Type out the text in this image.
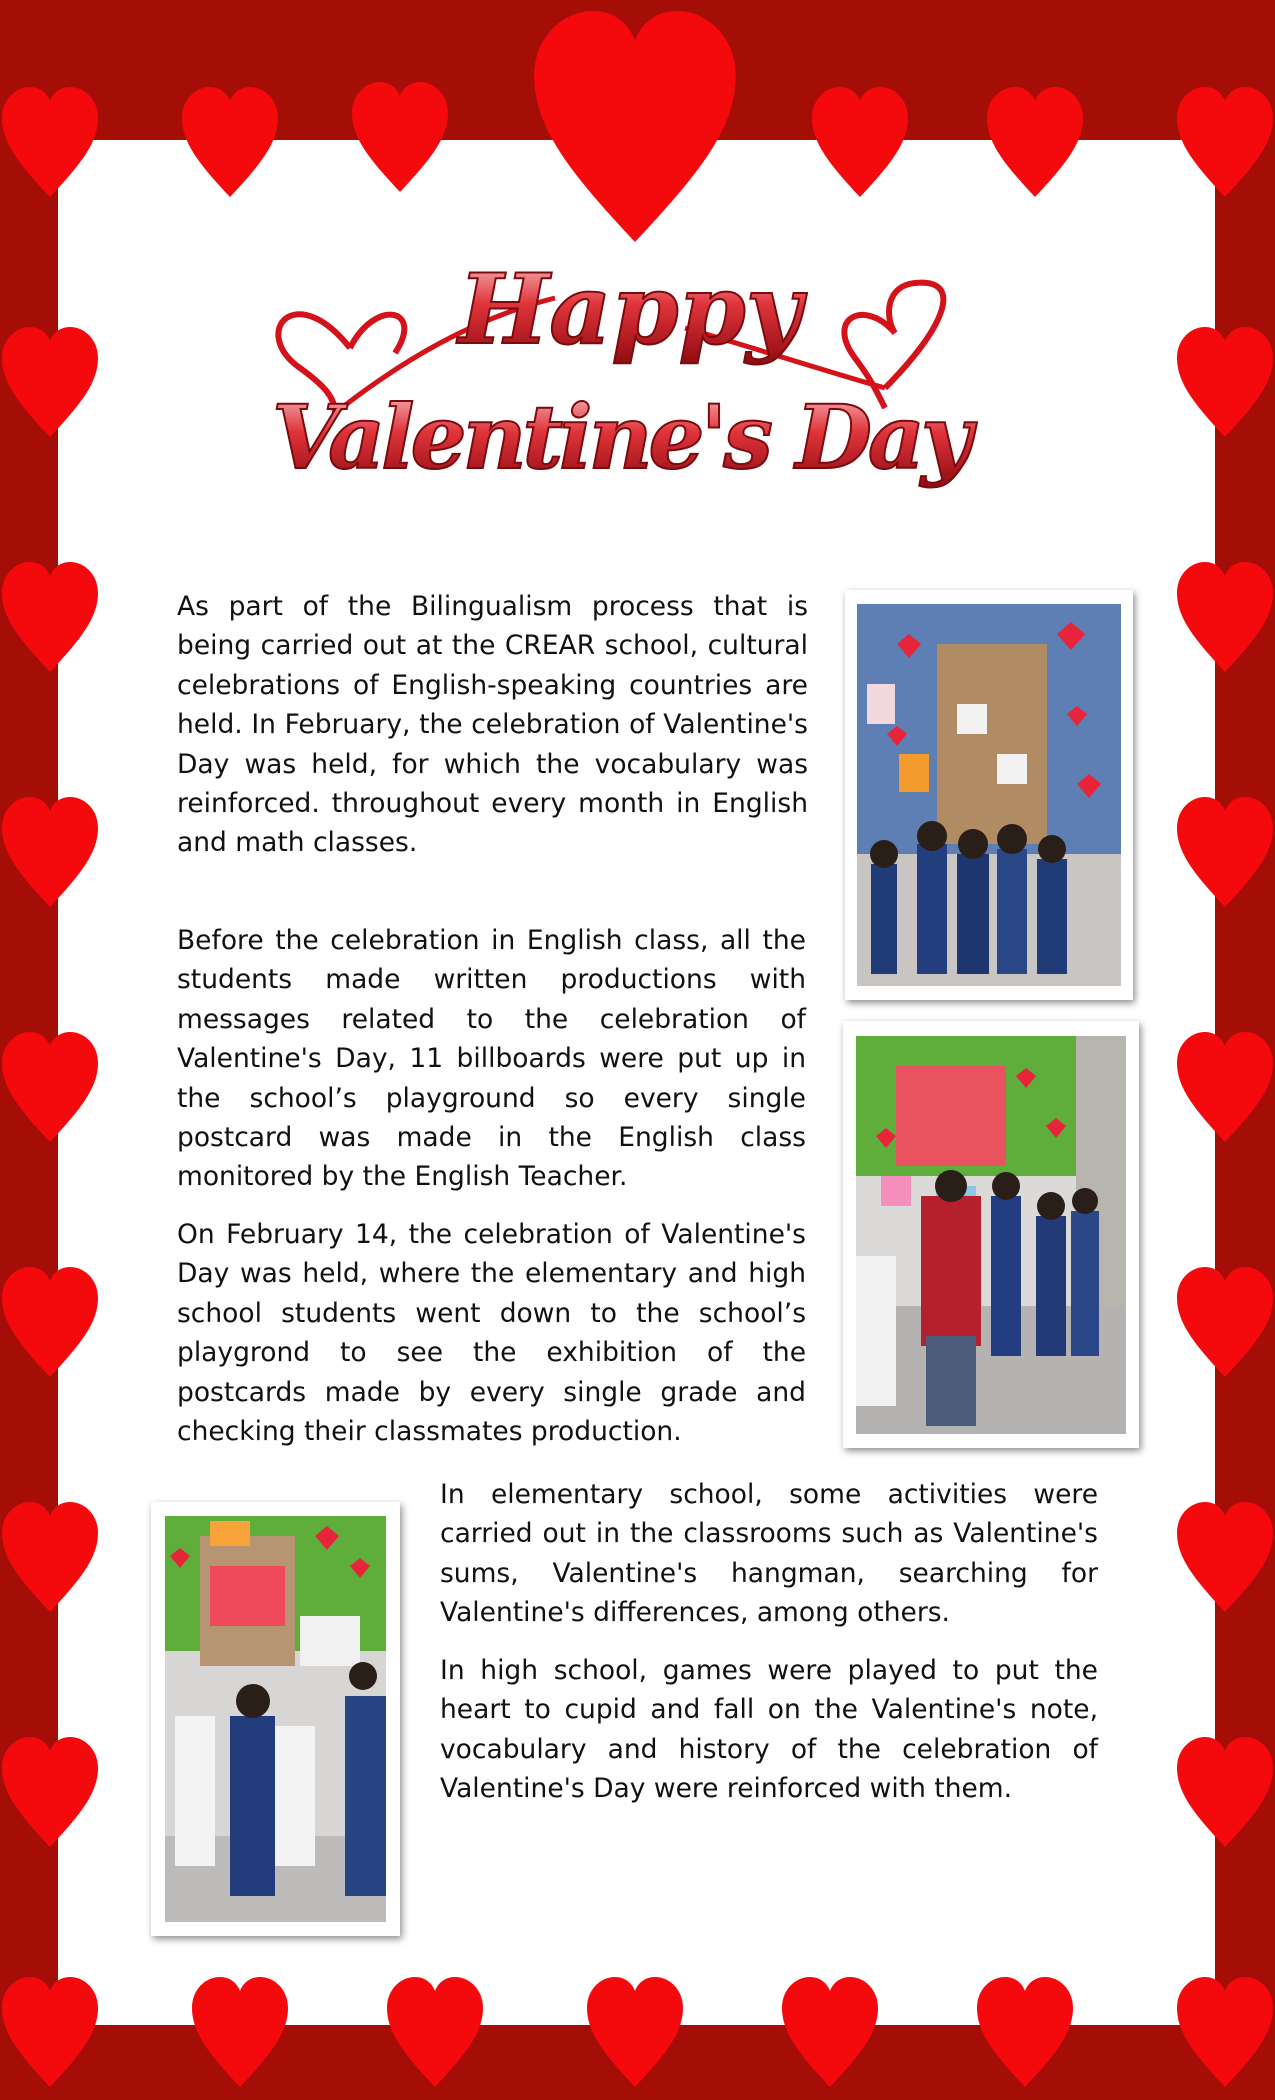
Happy
Valentine's Day

As part of the Bilingualism process that is being carried out at the CREAR school, cultural celebrations of English-speaking countries are held. In February, the celebration of Valentine's Day was held, for which the vocabulary was reinforced. throughout every month in English and math classes.

Before the celebration in English class, all the students made written productions with messages related to the celebration of Valentine's Day, 11 billboards were put up in the school’s playground so every single postcard was made in the English class monitored by the English Teacher.

On February 14, the celebration of Valentine's Day was held, where the elementary and high school students went down to the school’s playgrond to see the exhibition of the postcards made by every single grade and checking their classmates production.

In elementary school, some activities were carried out in the classrooms such as Valentine's sums, Valentine's hangman, searching for Valentine's differences, among others.

In high school, games were played to put the heart to cupid and fall on the Valentine's note, vocabulary and history of the celebration of Valentine's Day were reinforced with them.
